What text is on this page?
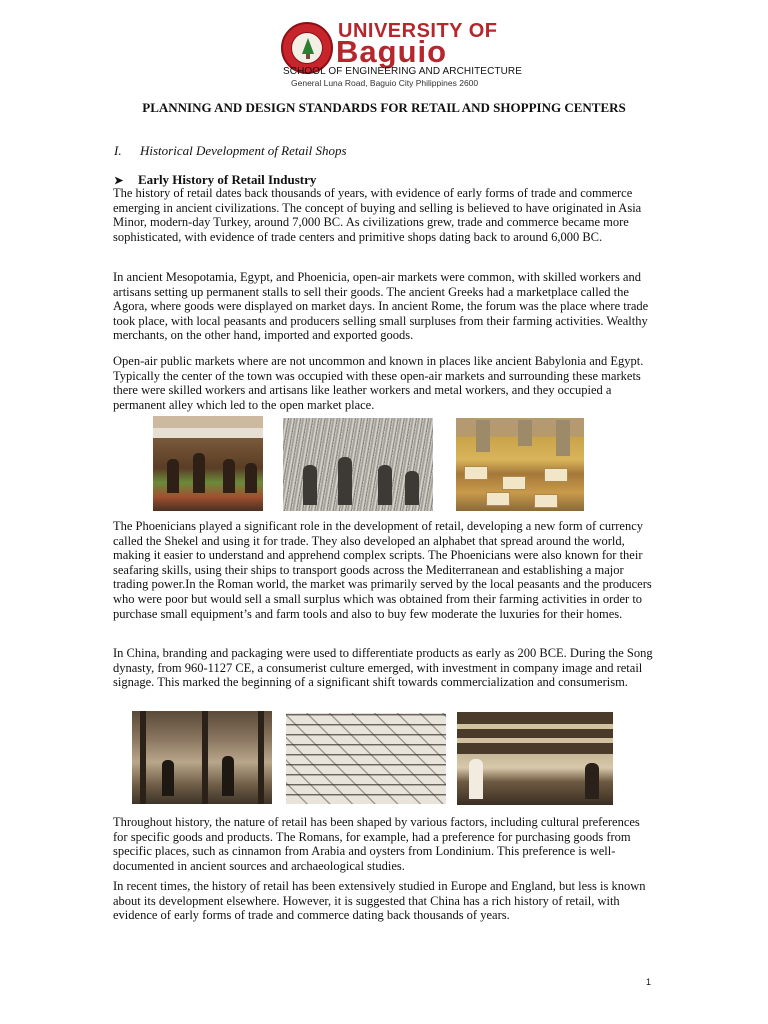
UNIVERSITY OF
Baguio
SCHOOL OF ENGINEERING AND ARCHITECTURE
General Luna Road, Baguio City Philippines 2600
PLANNING AND DESIGN STANDARDS FOR RETAIL AND SHOPPING CENTERS
I. Historical Development of Retail Shops
➤ Early History of Retail Industry
The history of retail dates back thousands of years, with evidence of early forms of trade and commerce emerging in ancient civilizations. The concept of buying and selling is believed to have originated in Asia Minor, modern-day Turkey, around 7,000 BC. As civilizations grew, trade and commerce became more sophisticated, with evidence of trade centers and primitive shops dating back to around 6,000 BC.
In ancient Mesopotamia, Egypt, and Phoenicia, open-air markets were common, with skilled workers and artisans setting up permanent stalls to sell their goods. The ancient Greeks had a marketplace called the Agora, where goods were displayed on market days. In ancient Rome, the forum was the place where trade took place, with local peasants and producers selling small surpluses from their farming activities. Wealthy merchants, on the other hand, imported and exported goods.
Open-air public markets where are not uncommon and known in places like ancient Babylonia and Egypt. Typically the center of the town was occupied with these open-air markets and surrounding these markets there were skilled workers and artisans like leather workers and metal workers, and they occupied a permanent alley which led to the open market place.
The Phoenicians played a significant role in the development of retail, developing a new form of currency called the Shekel and using it for trade. They also developed an alphabet that spread around the world, making it easier to understand and apprehend complex scripts. The Phoenicians were also known for their seafaring skills, using their ships to transport goods across the Mediterranean and establishing a major trading power.In the Roman world, the market was primarily served by the local peasants and the producers who were poor but would sell a small surplus which was obtained from their farming activities in order to purchase small equipment’s and farm tools and also to buy few moderate the luxuries for their homes.
In China, branding and packaging were used to differentiate products as early as 200 BCE. During the Song dynasty, from 960-1127 CE, a consumerist culture emerged, with investment in company image and retail signage. This marked the beginning of a significant shift towards commercialization and consumerism.
Throughout history, the nature of retail has been shaped by various factors, including cultural preferences for specific goods and products. The Romans, for example, had a preference for purchasing goods from specific places, such as cinnamon from Arabia and oysters from Londinium. This preference is well-documented in ancient sources and archaeological studies.
In recent times, the history of retail has been extensively studied in Europe and England, but less is known about its development elsewhere. However, it is suggested that China has a rich history of retail, with evidence of early forms of trade and commerce dating back thousands of years.
1
